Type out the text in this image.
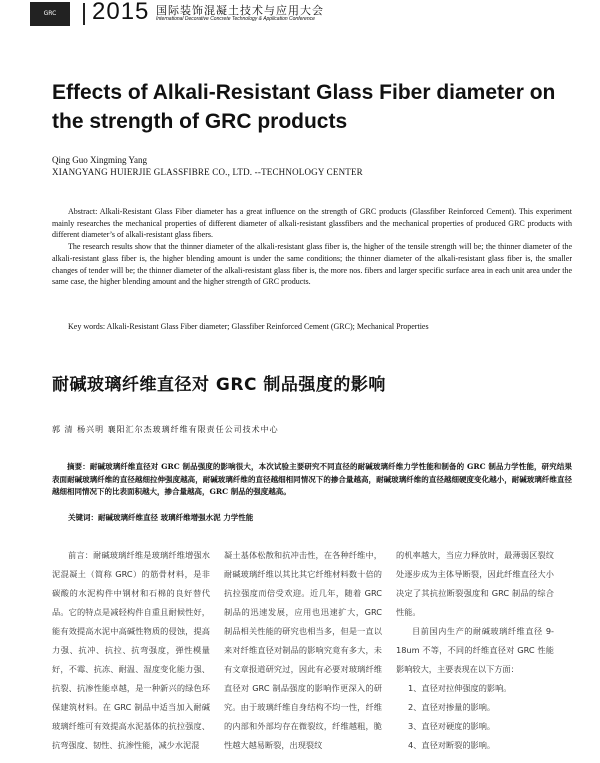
GRC	2015 国际装饰混凝土技术与应用大会
International Decorative Concrete Technology & Application Conference
Effects of Alkali-Resistant Glass Fiber diameter on the strength of GRC products
Qing Guo Xingming Yang
XIANGYANG HUIERJIE GLASSFIBRE CO., LTD. --TECHNOLOGY CENTER

Abstract: Alkali-Resistant Glass Fiber diameter has a great influence on the strength of GRC products (Glassfiber Reinforced Cement). This experiment mainly researches the mechanical properties of different diameter of alkali-resistant glassfibers and the mechanical properties of produced GRC products with different diameter’s of alkali-resistant glass fibers.

The research results show that the thinner diameter of the alkali-resistant glass fiber is, the higher of the tensile strength will be; the thinner diameter of the alkali-resistant glass fiber is, the higher blending amount is under the same conditions; the thinner diameter of the alkali-resistant glass fiber is, the smaller changes of tender will be; the thinner diameter of the alkali-resistant glass fiber is, the more nos. fibers and larger specific surface area in each unit area under the same case, the higher blending amount and the higher strength of GRC products.

Key words: Alkali-Resistant Glass Fiber diameter; Glassfiber Reinforced Cement (GRC); Mechanical Properties
耐碱玻璃纤维直径对 GRC 制品强度的影响
郭 清 杨兴明 襄阳汇尔杰玻璃纤维有限责任公司技术中心

摘要：耐碱玻璃纤维直径对 GRC 制品强度的影响很大，本次试验主要研究不同直径的耐碱玻璃纤维力学性能和制备的 GRC 制品力学性能，研究结果表面耐碱玻璃纤维的直径越细拉伸强度越高，耐碱玻璃纤维的直径越细相同情况下的掺合量越高，耐碱玻璃纤维的直径越细硬度变化越小，耐碱玻璃纤维直径越细相同情况下的比表面积越大，掺合量越高，GRC 制品的强度越高。

关键词：耐碱玻璃纤维直径 玻璃纤维增强水泥 力学性能

前言：耐碱玻璃纤维是玻璃纤维增强水泥混凝土（简称 GRC）的筋骨材料，是非碳酸的水泥构件中钢材和石棉的良好替代品。它的特点是减轻构件自重且耐候性好，能有效提高水泥中高碱性物质的侵蚀，提高力强、抗冲、抗拉、抗弯强度，弹性模量好，不霉、抗冻、耐温、湿度变化能力强、抗裂、抗渗性能卓越，是一种新兴的绿色环保建筑材料。在 GRC 制品中适当加入耐碱玻璃纤维可有效提高水泥基体的抗拉强度、抗弯强度、韧性、抗渗性能，减少水泥混

凝土基体松散和抗冲击性，在各种纤维中，耐碱玻璃纤维以其比其它纤维材料数十倍的抗拉强度而倍受欢迎。近几年，随着 GRC 制品的迅速发展，应用也迅速扩大，GRC 制品相关性能的研究也相当多，但是一直以来对纤维直径对制品的影响究竟有多大，未有文章报道研究过，因此有必要对玻璃纤维直径对 GRC 制品强度的影响作更深入的研究。由于玻璃纤维自身结构不均一性，纤维的内部和外部均存在微裂纹，纤维越粗，脆性越大越易断裂，出现裂纹

的机率越大，当应力释放时，最薄弱区裂纹处逐步成为主体导断裂，因此纤维直径大小决定了其抗拉断裂强度和 GRC 制品的综合性能。

目前国内生产的耐碱玻璃纤维直径 9-18um 不等，不同的纤维直径对 GRC 性能影响较大，主要表现在以下方面：

1、直径对拉伸强度的影响。
2、直径对掺量的影响。
3、直径对硬度的影响。
4、直径对断裂的影响。
